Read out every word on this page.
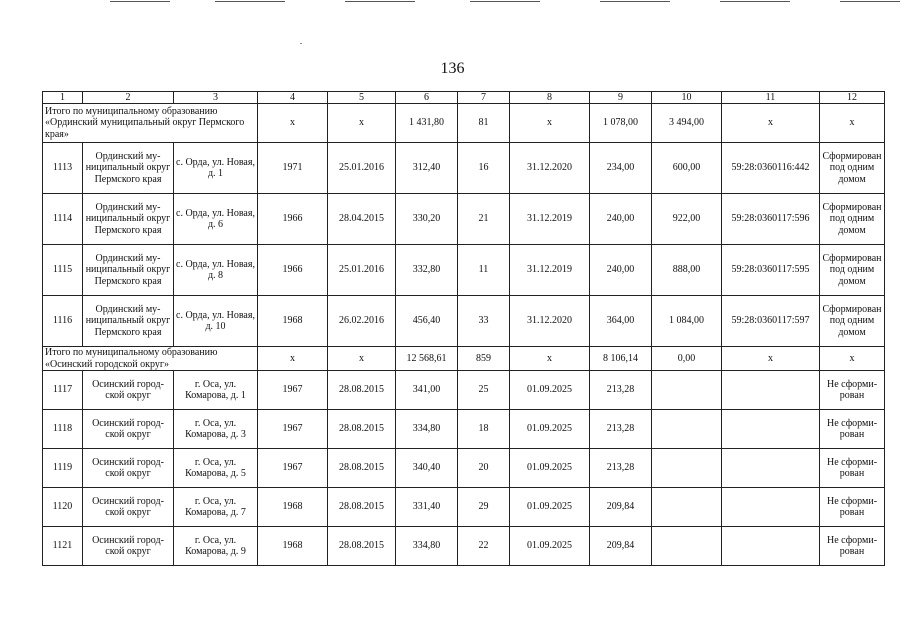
136
1	2	3	4	5	6	7	8	9	10	11	12
Итого по муниципальному образованию «Ординский муниципальный округ Пермского края»			х	х	1 431,80	81	х	1 078,00	3 494,00	х	х
1113	Ординский му-ниципальный округ Пермского края	с. Орда, ул. Новая, д. 1	1971	25.01.2016	312,40	16	31.12.2020	234,00	600,00	59:28:0360116:442	Сформирован под одним домом
1114	Ординский му-ниципальный округ Пермского края	с. Орда, ул. Новая, д. 6	1966	28.04.2015	330,20	21	31.12.2019	240,00	922,00	59:28:0360117:596	Сформирован под одним домом
1115	Ординский му-ниципальный округ Пермского края	с. Орда, ул. Новая, д. 8	1966	25.01.2016	332,80	11	31.12.2019	240,00	888,00	59:28:0360117:595	Сформирован под одним домом
1116	Ординский му-ниципальный округ Пермского края	с. Орда, ул. Новая, д. 10	1968	26.02.2016	456,40	33	31.12.2020	364,00	1 084,00	59:28:0360117:597	Сформирован под одним домом
Итого по муниципальному образованию «Осинский городской округ»			х	х	12 568,61	859	х	8 106,14	0,00	х	х
1117	Осинский город-ской округ	г. Оса, ул. Комарова, д. 1	1967	28.08.2015	341,00	25	01.09.2025	213,28			Не сформи-рован
1118	Осинский город-ской округ	г. Оса, ул. Комарова, д. 3	1967	28.08.2015	334,80	18	01.09.2025	213,28			Не сформи-рован
1119	Осинский город-ской округ	г. Оса, ул. Комарова, д. 5	1967	28.08.2015	340,40	20	01.09.2025	213,28			Не сформи-рован
1120	Осинский город-ской округ	г. Оса, ул. Комарова, д. 7	1968	28.08.2015	331,40	29	01.09.2025	209,84			Не сформи-рован
1121	Осинский город-ской округ	г. Оса, ул. Комарова, д. 9	1968	28.08.2015	334,80	22	01.09.2025	209,84			Не сформи-рован
